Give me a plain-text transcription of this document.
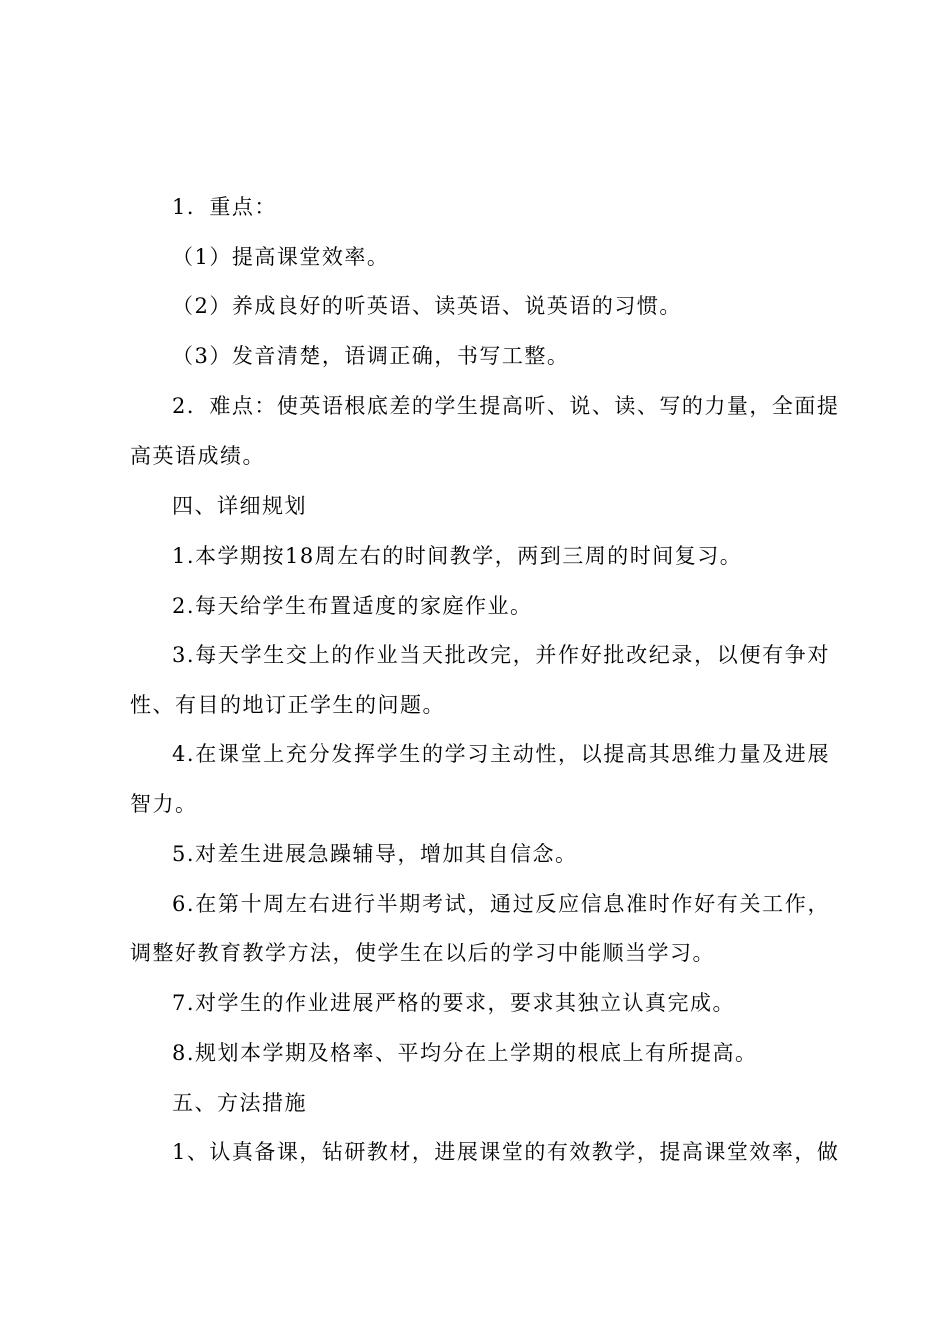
1．重点：
（1）提高课堂效率。
（2）养成良好的听英语、读英语、说英语的习惯。
（3）发音清楚，语调正确，书写工整。
2．难点：使英语根底差的学生提高听、说、读、写的力量，全面提
高英语成绩。
四、详细规划
1.本学期按18周左右的时间教学，两到三周的时间复习。
2.每天给学生布置适度的家庭作业。
3.每天学生交上的作业当天批改完，并作好批改纪录，以便有争对
性、有目的地订正学生的问题。
4.在课堂上充分发挥学生的学习主动性，以提高其思维力量及进展
智力。
5.对差生进展急躁辅导，增加其自信念。
6.在第十周左右进行半期考试，通过反应信息准时作好有关工作，
调整好教育教学方法，使学生在以后的学习中能顺当学习。
7.对学生的作业进展严格的要求，要求其独立认真完成。
8.规划本学期及格率、平均分在上学期的根底上有所提高。
五、方法措施
1、认真备课，钻研教材，进展课堂的有效教学，提高课堂效率，做
